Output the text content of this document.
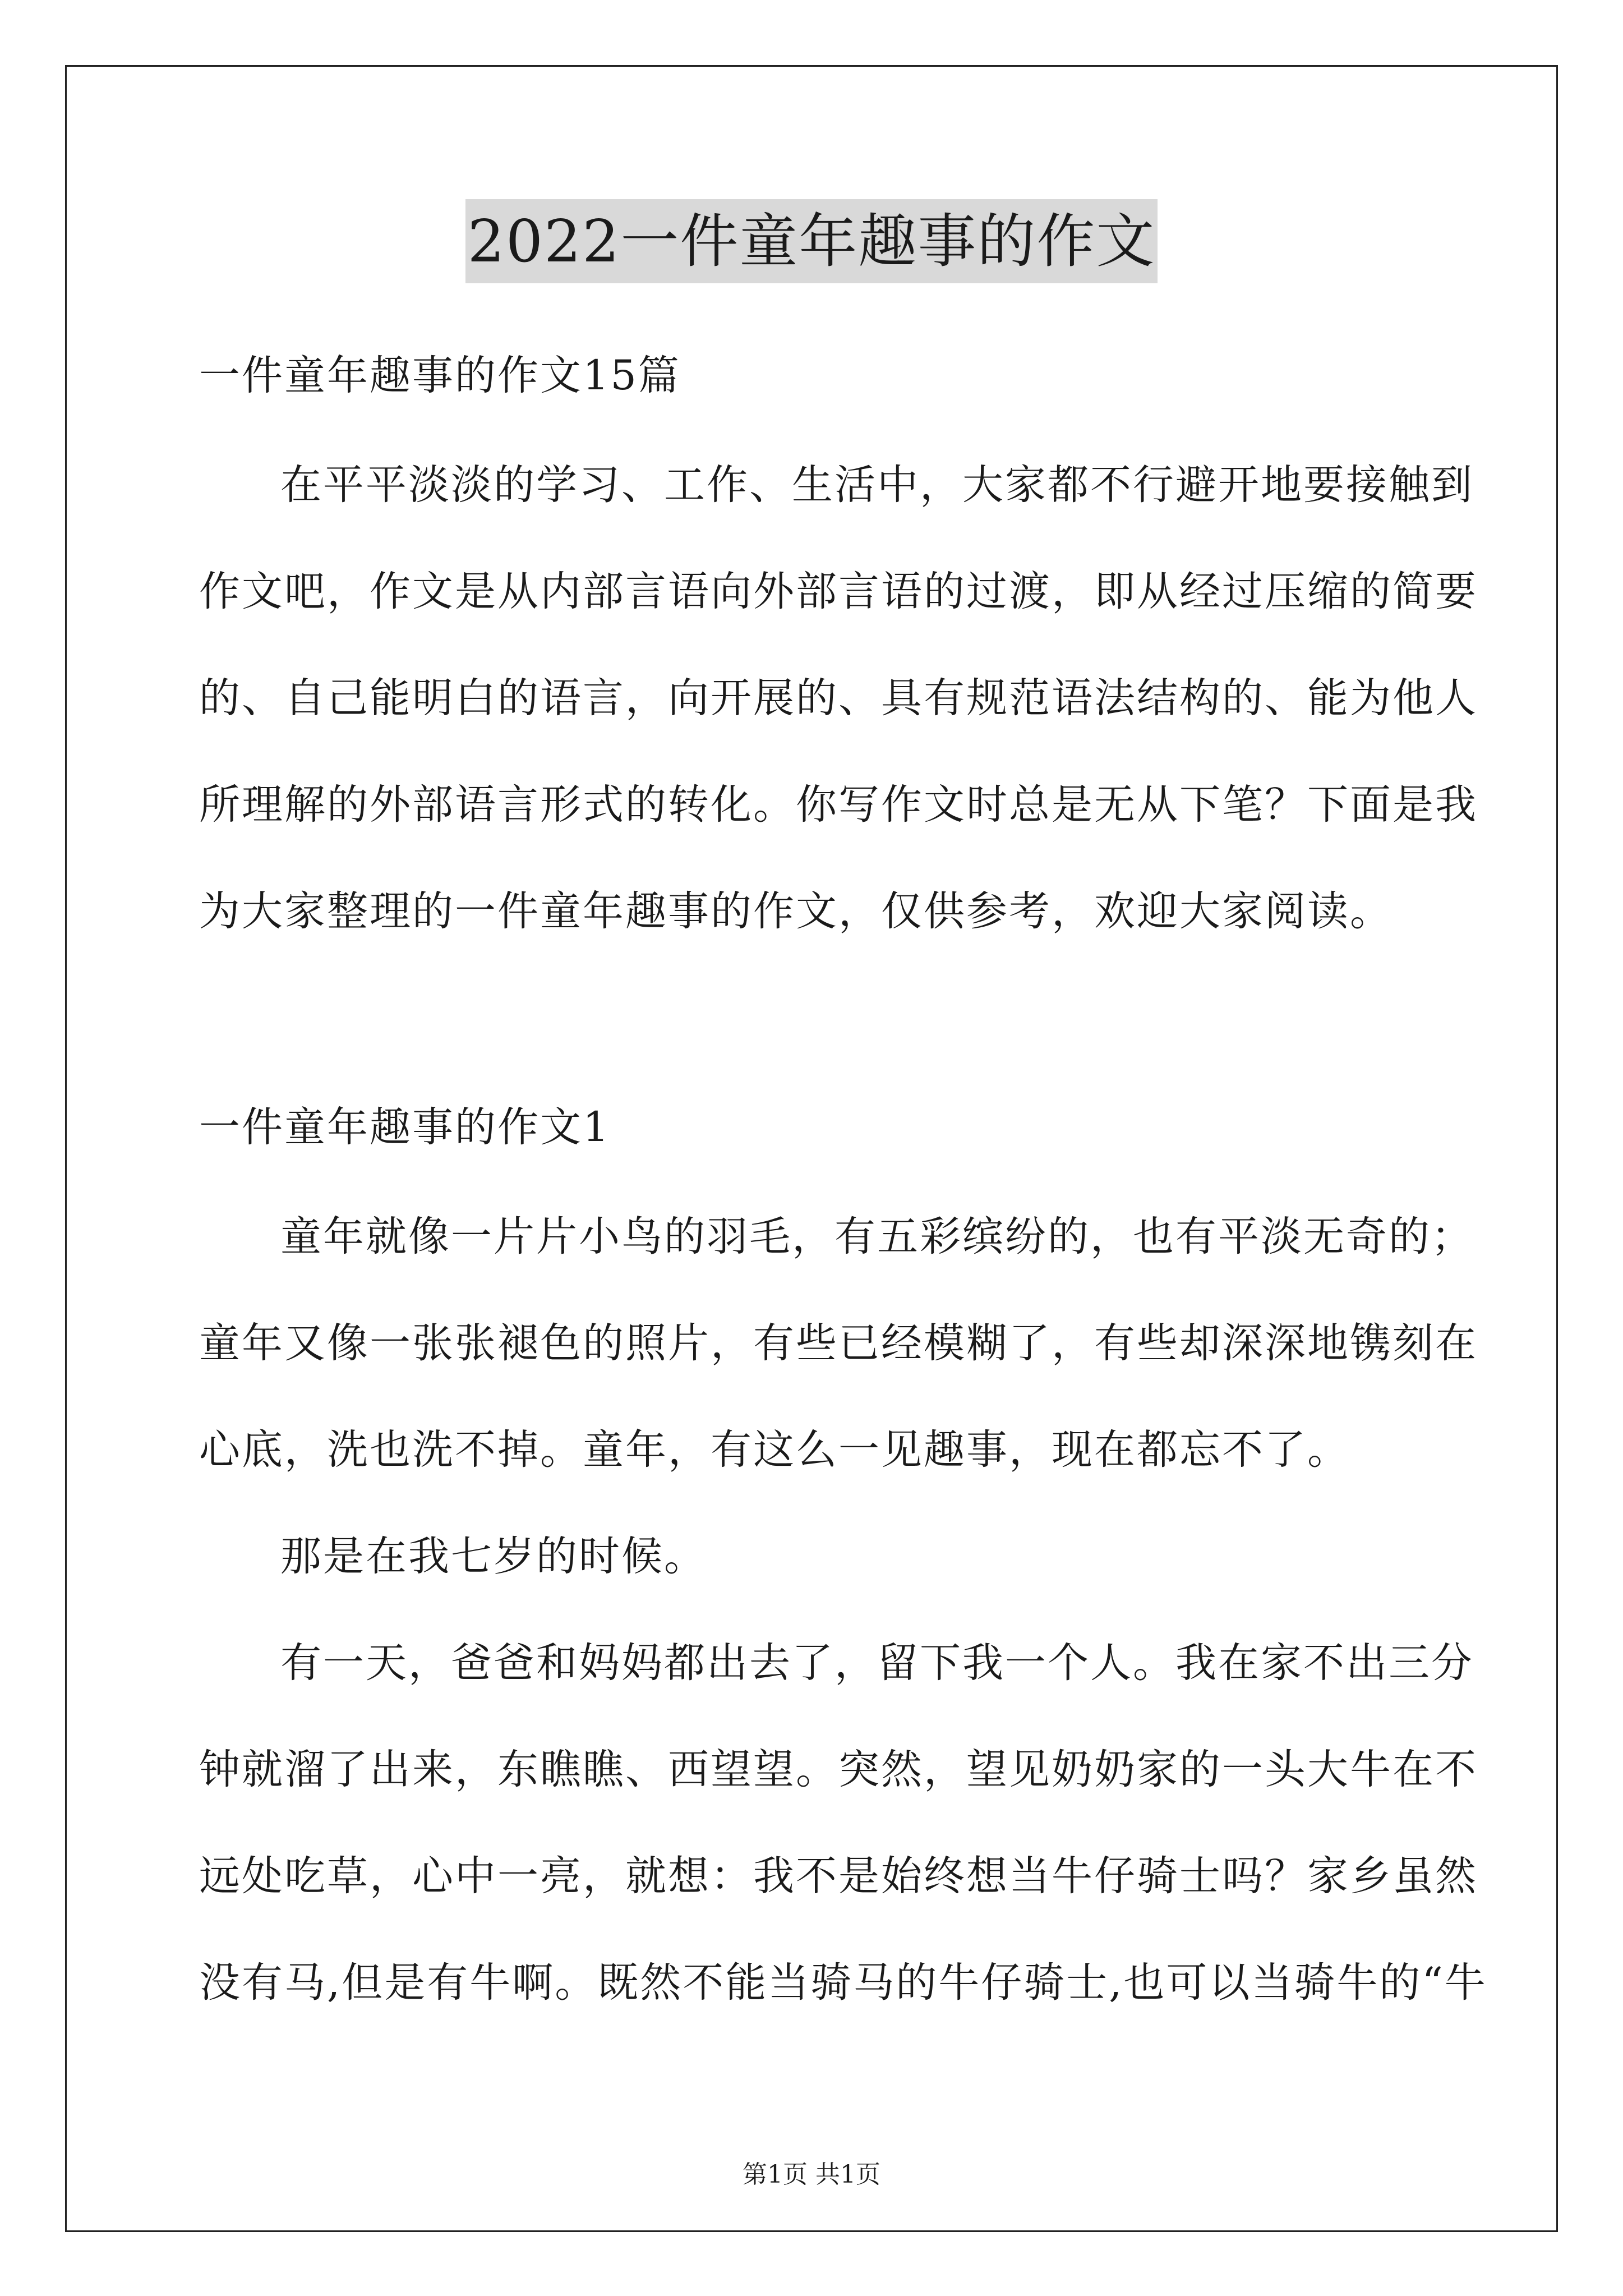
2022一件童年趣事的作文
一件童年趣事的作文15篇
在平平淡淡的学习、工作、生活中，大家都不行避开地要接触到
作文吧，作文是从内部言语向外部言语的过渡，即从经过压缩的简要
的、自己能明白的语言，向开展的、具有规范语法结构的、能为他人
所理解的外部语言形式的转化。你写作文时总是无从下笔？下面是我
为大家整理的一件童年趣事的作文，仅供参考，欢迎大家阅读。
一件童年趣事的作文1
童年就像一片片小鸟的羽毛，有五彩缤纷的，也有平淡无奇的；
童年又像一张张褪色的照片，有些已经模糊了，有些却深深地镌刻在
心底，洗也洗不掉。童年，有这么一见趣事，现在都忘不了。
那是在我七岁的时候。
有一天，爸爸和妈妈都出去了，留下我一个人。我在家不出三分
钟就溜了出来，东瞧瞧、西望望。突然，望见奶奶家的一头大牛在不
远处吃草，心中一亮，就想：我不是始终想当牛仔骑士吗？家乡虽然
没有马,但是有牛啊。既然不能当骑马的牛仔骑士,也可以当骑牛的“牛
第1页 共1页
